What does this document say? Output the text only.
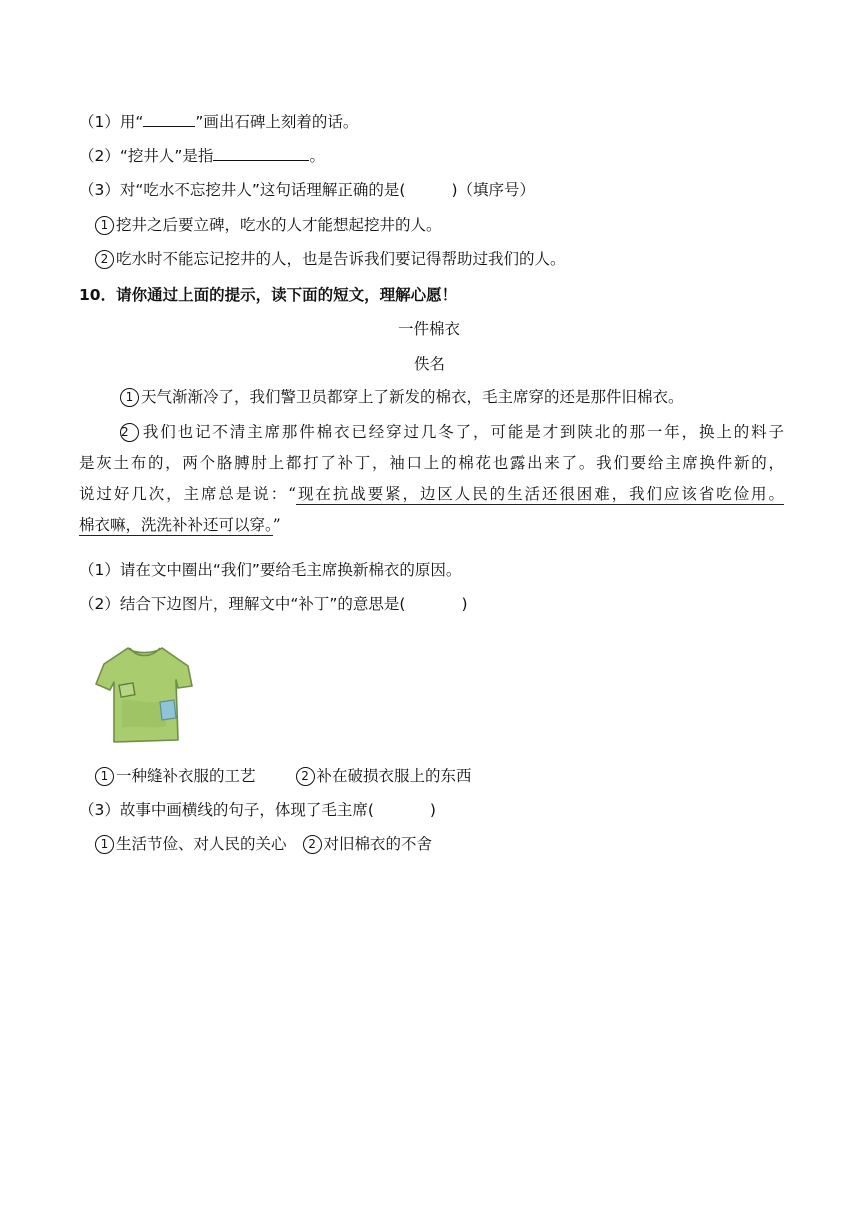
（1）用“	”画出石碑上刻着的话。
（2）“挖井人”是指	。
（3）对“吃水不忘挖井人”这句话理解正确的是(	)（填序号）
1 挖井之后要立碑，吃水的人才能想起挖井的人。
2 吃水时不能忘记挖井的人，也是告诉我们要记得帮助过我们的人。
10．请你通过上面的提示，读下面的短文，理解心愿！
一件棉衣
佚名
1 天气渐渐冷了，我们警卫员都穿上了新发的棉衣，毛主席穿的还是那件旧棉衣。
2 我们也记不清主席那件棉衣已经穿过几冬了，可能是才到陕北的那一年，换上的料子
是灰土布的，两个胳膊肘上都打了补丁，袖口上的棉花也露出来了。我们要给主席换件新的，
说过好几次，主席总是说：“现在抗战要紧，边区人民的生活还很困难，我们应该省吃俭用。
棉衣嘛，洗洗补补还可以穿。”
（1）请在文中圈出“我们”要给毛主席换新棉衣的原因。
（2）结合下边图片，理解文中“补丁”的意思是(	)
1 一种缝补衣服的工艺	2 补在破损衣服上的东西
（3）故事中画横线的句子，体现了毛主席(	)
1 生活节俭、对人民的关心 2 对旧棉衣的不舍
